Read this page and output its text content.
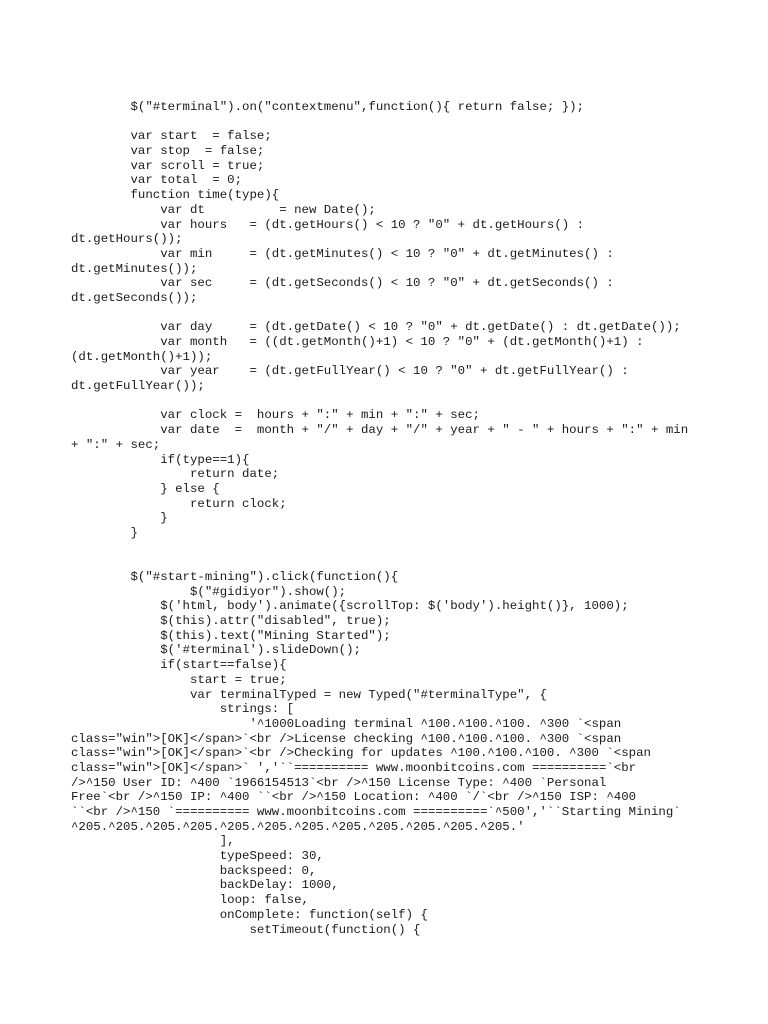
$("#terminal").on("contextmenu",function(){ return false; });
var start  = false;
var stop  = false;
var scroll = true;
var total  = 0;
function time(type){
var dt          = new Date();
var hours   = (dt.getHours() < 10 ? "0" + dt.getHours() :
dt.getHours());
var min     = (dt.getMinutes() < 10 ? "0" + dt.getMinutes() :
dt.getMinutes());
var sec     = (dt.getSeconds() < 10 ? "0" + dt.getSeconds() :
dt.getSeconds());
var day     = (dt.getDate() < 10 ? "0" + dt.getDate() : dt.getDate());
var month   = ((dt.getMonth()+1) < 10 ? "0" + (dt.getMonth()+1) :
(dt.getMonth()+1));
var year    = (dt.getFullYear() < 10 ? "0" + dt.getFullYear() :
dt.getFullYear());
var clock =  hours + ":" + min + ":" + sec;
var date  =  month + "/" + day + "/" + year + " - " + hours + ":" + min
+ ":" + sec;
if(type==1){
return date;
} else {
return clock;
}
}
$("#start-mining").click(function(){
$("#gidiyor").show();
$('html, body').animate({scrollTop: $('body').height()}, 1000);
$(this).attr("disabled", true);
$(this).text("Mining Started");
$('#terminal').slideDown();
if(start==false){
start = true;
var terminalTyped = new Typed("#terminalType", {
strings: [
'^1000Loading terminal ^100.^100.^100. ^300 `<span
class="win">[OK]</span>`<br />License checking ^100.^100.^100. ^300 `<span
class="win">[OK]</span>`<br />Checking for updates ^100.^100.^100. ^300 `<span
class="win">[OK]</span>` ','``========== www.moonbitcoins.com ==========`<br
/>^150 User ID: ^400 `1966154513`<br />^150 License Type: ^400 `Personal
Free`<br />^150 IP: ^400 ``<br />^150 Location: ^400 `/`<br />^150 ISP: ^400
``<br />^150 `========== www.moonbitcoins.com ==========`^500','``Starting Mining`
^205.^205.^205.^205.^205.^205.^205.^205.^205.^205.^205.^205.'
],
typeSpeed: 30,
backspeed: 0,
backDelay: 1000,
loop: false,
onComplete: function(self) {
setTimeout(function() {
